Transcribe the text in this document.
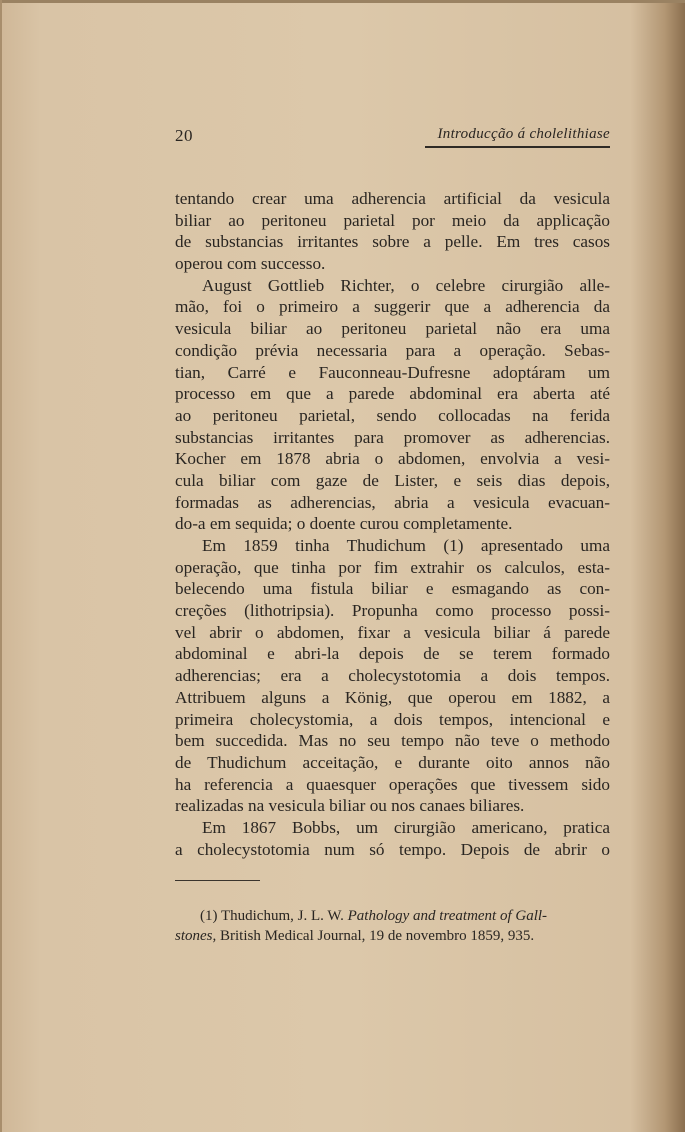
20	Introducção á cholelithiase
tentando crear uma adherencia artificial da vesicula
biliar ao peritoneu parietal por meio da applicação
de substancias irritantes sobre a pelle. Em tres casos
operou com successo.
August Gottlieb Richter, o celebre cirurgião alle-
mão, foi o primeiro a suggerir que a adherencia da
vesicula biliar ao peritoneu parietal não era uma
condição prévia necessaria para a operação. Sebas-
tian, Carré e Fauconneau-Dufresne adoptáram um
processo em que a parede abdominal era aberta até
ao peritoneu parietal, sendo collocadas na ferida
substancias irritantes para promover as adherencias.
Kocher em 1878 abria o abdomen, envolvia a vesi-
cula biliar com gaze de Lister, e seis dias depois,
formadas as adherencias, abria a vesicula evacuan-
do-a em sequida; o doente curou completamente.
Em 1859 tinha Thudichum (1) apresentado uma
operação, que tinha por fim extrahir os calculos, esta-
belecendo uma fistula biliar e esmagando as con-
creções (lithotripsia). Propunha como processo possi-
vel abrir o abdomen, fixar a vesicula biliar á parede
abdominal e abri-la depois de se terem formado
adherencias; era a cholecystotomia a dois tempos.
Attribuem alguns a König, que operou em 1882, a
primeira cholecystomia, a dois tempos, intencional e
bem succedida. Mas no seu tempo não teve o methodo
de Thudichum acceitação, e durante oito annos não
ha referencia a quaesquer operações que tivessem sido
realizadas na vesicula biliar ou nos canaes biliares.
Em 1867 Bobbs, um cirurgião americano, pratica
a cholecystotomia num só tempo. Depois de abrir o
(1) Thudichum, J. L. W. Pathology and treatment of Gall-
stones, British Medical Journal, 19 de novembro 1859, 935.
